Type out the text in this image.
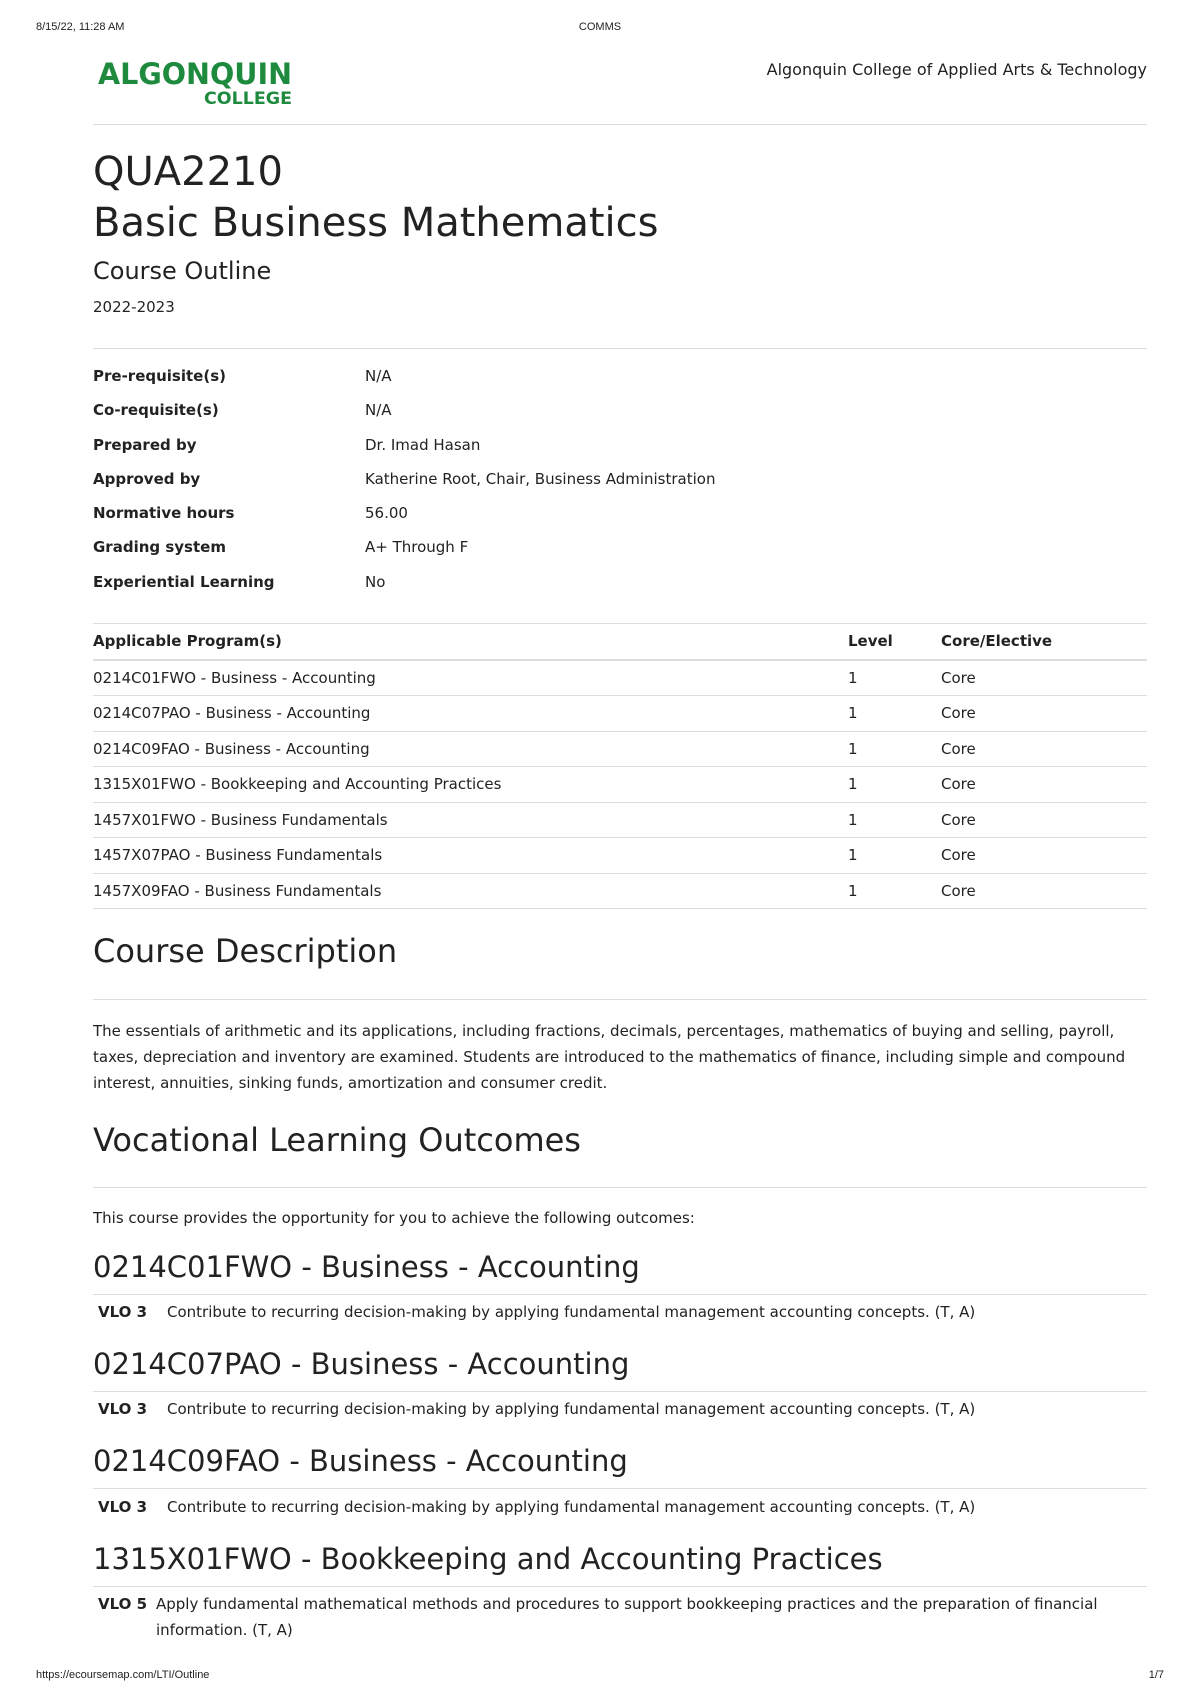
8/15/22, 11:28 AM	COMMS
ALGONQUIN
COLLEGE
Algonquin College of Applied Arts & Technology
QUA2210
Basic Business Mathematics
Course Outline
2022-2023
Pre-requisite(s)	N/A
Co-requisite(s)	N/A
Prepared by	Dr. Imad Hasan
Approved by	Katherine Root, Chair, Business Administration
Normative hours	56.00
Grading system	A+ Through F
Experiential Learning	No
Applicable Program(s)	Level	Core/Elective
0214C01FWO - Business - Accounting	1	Core
0214C07PAO - Business - Accounting	1	Core
0214C09FAO - Business - Accounting	1	Core
1315X01FWO - Bookkeeping and Accounting Practices	1	Core
1457X01FWO - Business Fundamentals	1	Core
1457X07PAO - Business Fundamentals	1	Core
1457X09FAO - Business Fundamentals	1	Core
Course Description
The essentials of arithmetic and its applications, including fractions, decimals, percentages, mathematics of buying and selling, payroll, taxes, depreciation and inventory are examined. Students are introduced to the mathematics of finance, including simple and compound interest, annuities, sinking funds, amortization and consumer credit.
Vocational Learning Outcomes
This course provides the opportunity for you to achieve the following outcomes:
0214C01FWO - Business - Accounting
VLO 3 Contribute to recurring decision-making by applying fundamental management accounting concepts. (T, A)
0214C07PAO - Business - Accounting
VLO 3 Contribute to recurring decision-making by applying fundamental management accounting concepts. (T, A)
0214C09FAO - Business - Accounting
VLO 3 Contribute to recurring decision-making by applying fundamental management accounting concepts. (T, A)
1315X01FWO - Bookkeeping and Accounting Practices
VLO 5 Apply fundamental mathematical methods and procedures to support bookkeeping practices and the preparation of financial information. (T, A)
https://ecoursemap.com/LTI/Outline	1/7
